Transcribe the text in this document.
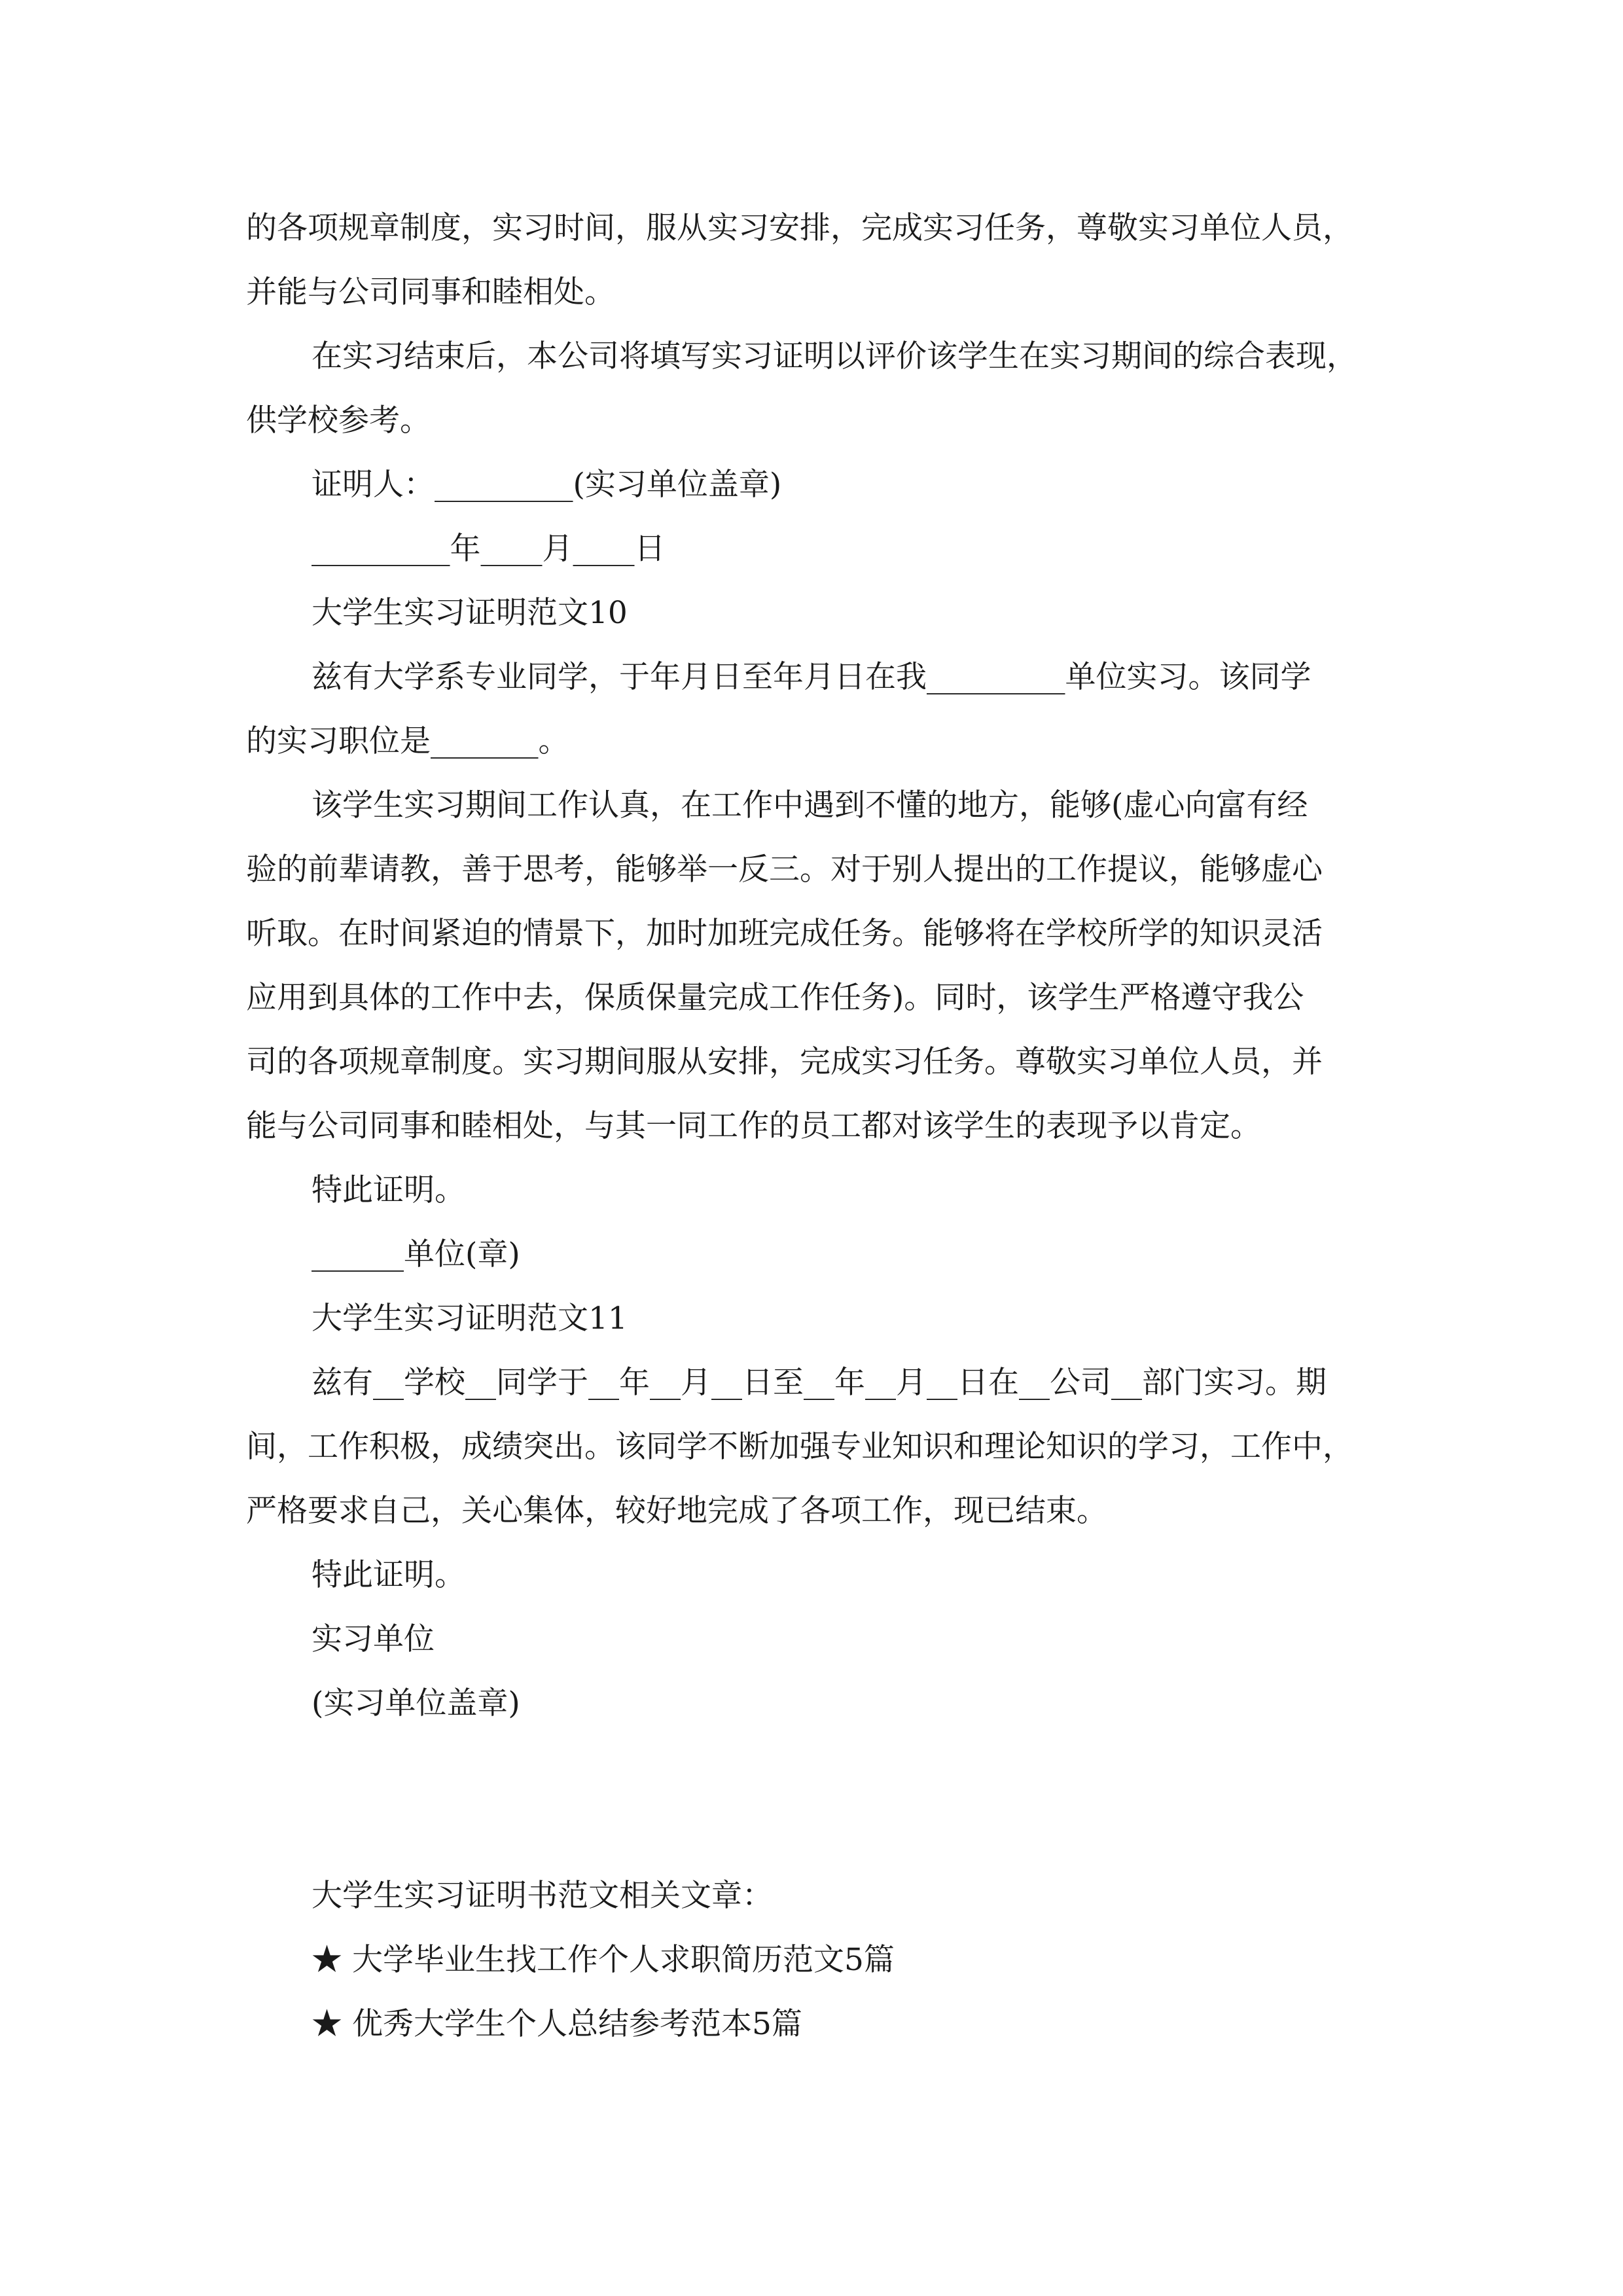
的各项规章制度，实习时间，服从实习安排，完成实习任务，尊敬实习单位人员，
并能与公司同事和睦相处。
在实习结束后，本公司将填写实习证明以评价该学生在实习期间的综合表现，
供学校参考。
证明人：_________(实习单位盖章)
_________年____月____日
大学生实习证明范文10
兹有大学系专业同学，于年月日至年月日在我_________单位实习。该同学
的实习职位是_______。
该学生实习期间工作认真，在工作中遇到不懂的地方，能够(虚心向富有经
验的前辈请教，善于思考，能够举一反三。对于别人提出的工作提议，能够虚心
听取。在时间紧迫的情景下，加时加班完成任务。能够将在学校所学的知识灵活
应用到具体的工作中去，保质保量完成工作任务)。同时，该学生严格遵守我公
司的各项规章制度。实习期间服从安排，完成实习任务。尊敬实习单位人员，并
能与公司同事和睦相处，与其一同工作的员工都对该学生的表现予以肯定。
特此证明。
______单位(章)
大学生实习证明范文11
兹有__学校__同学于__年__月__日至__年__月__日在__公司__部门实习。期
间，工作积极，成绩突出。该同学不断加强专业知识和理论知识的学习，工作中，
严格要求自己，关心集体，较好地完成了各项工作，现已结束。
特此证明。
实习单位
(实习单位盖章)
大学生实习证明书范文相关文章：
★ 大学毕业生找工作个人求职简历范文5篇
★ 优秀大学生个人总结参考范本5篇
